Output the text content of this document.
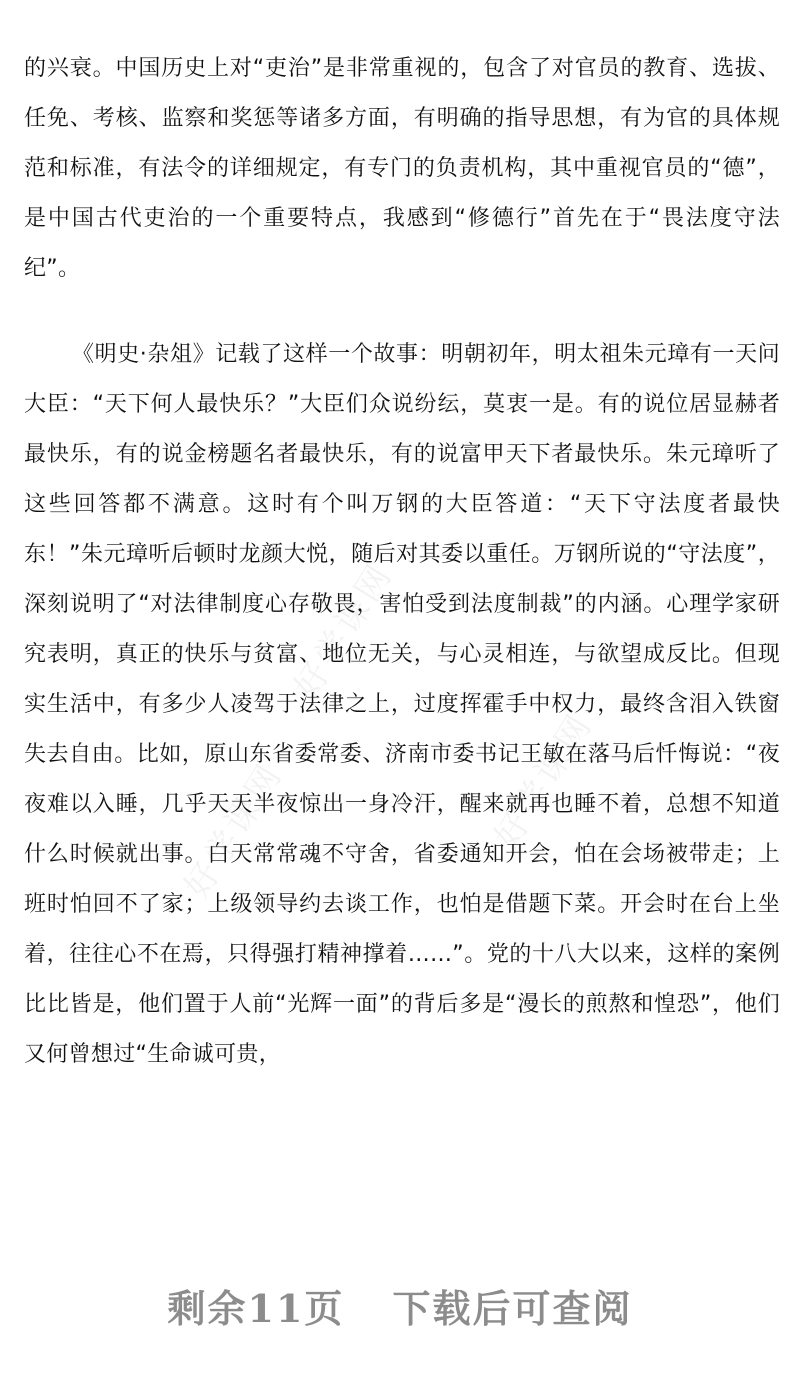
好学课网	好学课网
好学课网

的兴衰。中国历史上对“吏治”是非常重视的，包含了对官员的教育、选拔、任免、考核、监察和奖惩等诸多方面，有明确的指导思想，有为官的具体规范和标准，有法令的详细规定，有专门的负责机构，其中重视官员的“德”，是中国古代吏治的一个重要特点，我感到“修德行”首先在于“畏法度守法纪”。

《明史·杂俎》记载了这样一个故事：明朝初年，明太祖朱元璋有一天问大臣：“天下何人最快乐？”大臣们众说纷纭，莫衷一是。有的说位居显赫者最快乐，有的说金榜题名者最快乐，有的说富甲天下者最快乐。朱元璋听了这些回答都不满意。这时有个叫万钢的大臣答道：“天下守法度者最快东！”朱元璋听后顿时龙颜大悦，随后对其委以重任。万钢所说的“守法度”，深刻说明了“对法律制度心存敬畏，害怕受到法度制裁”的内涵。心理学家研究表明，真正的快乐与贫富、地位无关，与心灵相连，与欲望成反比。但现实生活中，有多少人凌驾于法律之上，过度挥霍手中权力，最终含泪入铁窗失去自由。比如，原山东省委常委、济南市委书记王敏在落马后忏悔说：“夜夜难以入睡，几乎天天半夜惊出一身冷汗，醒来就再也睡不着，总想不知道什么时候就出事。白天常常魂不守舍，省委通知开会，怕在会场被带走；上班时怕回不了家；上级领导约去谈工作，也怕是借题下菜。开会时在台上坐着，往往心不在焉，只得强打精神撑着……”。党的十八大以来，这样的案例比比皆是，他们置于人前“光辉一面”的背后多是“漫长的煎熬和惶恐”，他们又何曾想过“生命诚可贵，

剩余11页 下载后可查阅
